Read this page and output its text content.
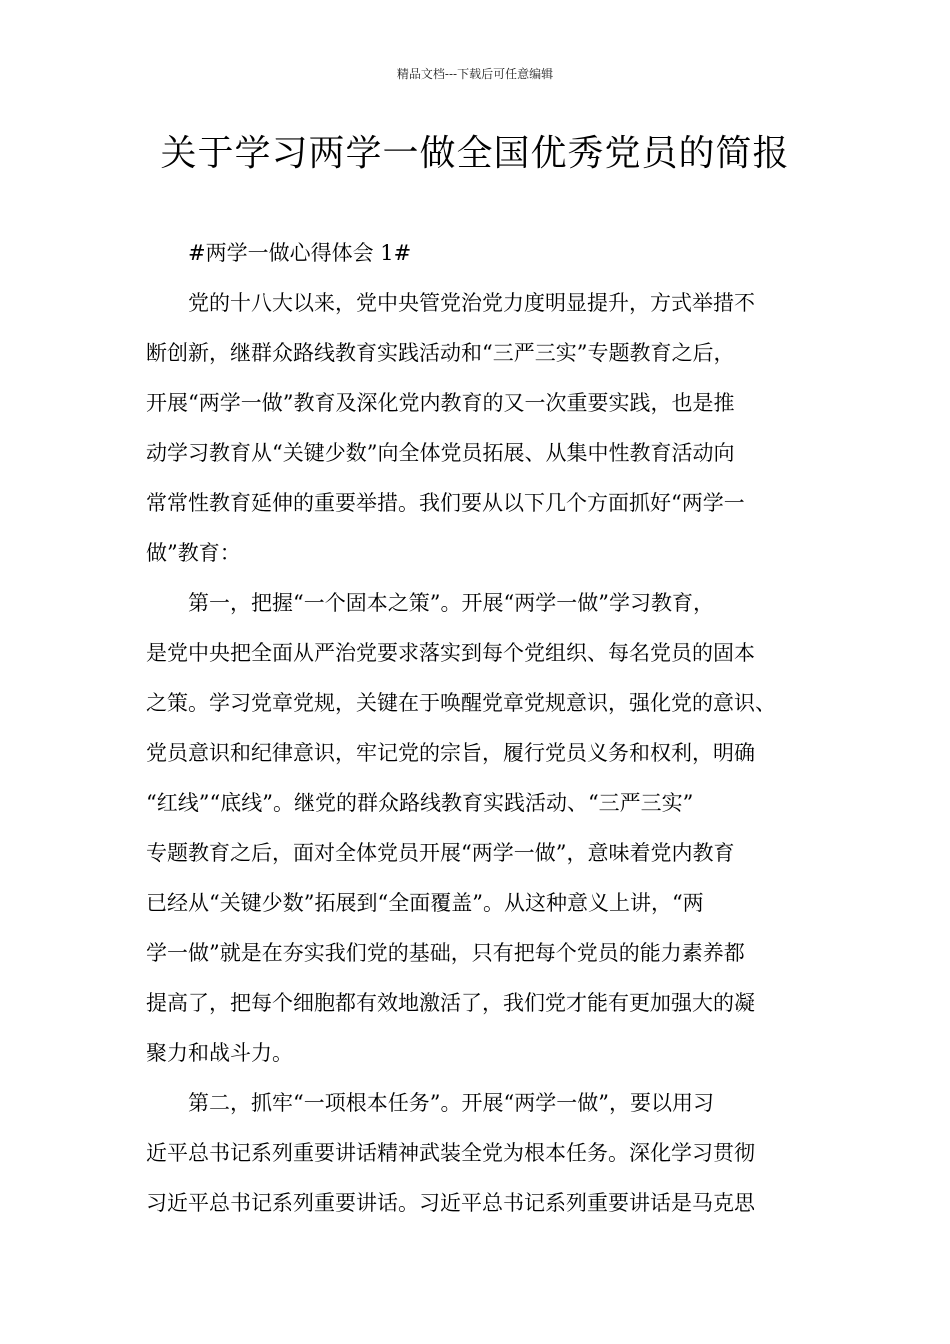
精品文档---下载后可任意编辑
关于学习两学一做全国优秀党员的简报

#两学一做心得体会 1#

党的十八大以来，党中央管党治党力度明显提升，方式举措不
断创新，继群众路线教育实践活动和“三严三实”专题教育之后，
开展“两学一做”教育及深化党内教育的又一次重要实践，也是推
动学习教育从“关键少数”向全体党员拓展、从集中性教育活动向
常常性教育延伸的重要举措。我们要从以下几个方面抓好“两学一
做”教育：

第一，把握“一个固本之策”。开展“两学一做”学习教育，
是党中央把全面从严治党要求落实到每个党组织、每名党员的固本
之策。学习党章党规，关键在于唤醒党章党规意识，强化党的意识、
党员意识和纪律意识，牢记党的宗旨，履行党员义务和权利，明确
“红线”“底线”。继党的群众路线教育实践活动、“三严三实”
专题教育之后，面对全体党员开展“两学一做”，意味着党内教育
已经从“关键少数”拓展到“全面覆盖”。从这种意义上讲，“两
学一做”就是在夯实我们党的基础，只有把每个党员的能力素养都
提高了，把每个细胞都有效地激活了，我们党才能有更加强大的凝
聚力和战斗力。

第二，抓牢“一项根本任务”。开展“两学一做”，要以用习
近平总书记系列重要讲话精神武装全党为根本任务。深化学习贯彻
习近平总书记系列重要讲话。习近平总书记系列重要讲话是马克思
